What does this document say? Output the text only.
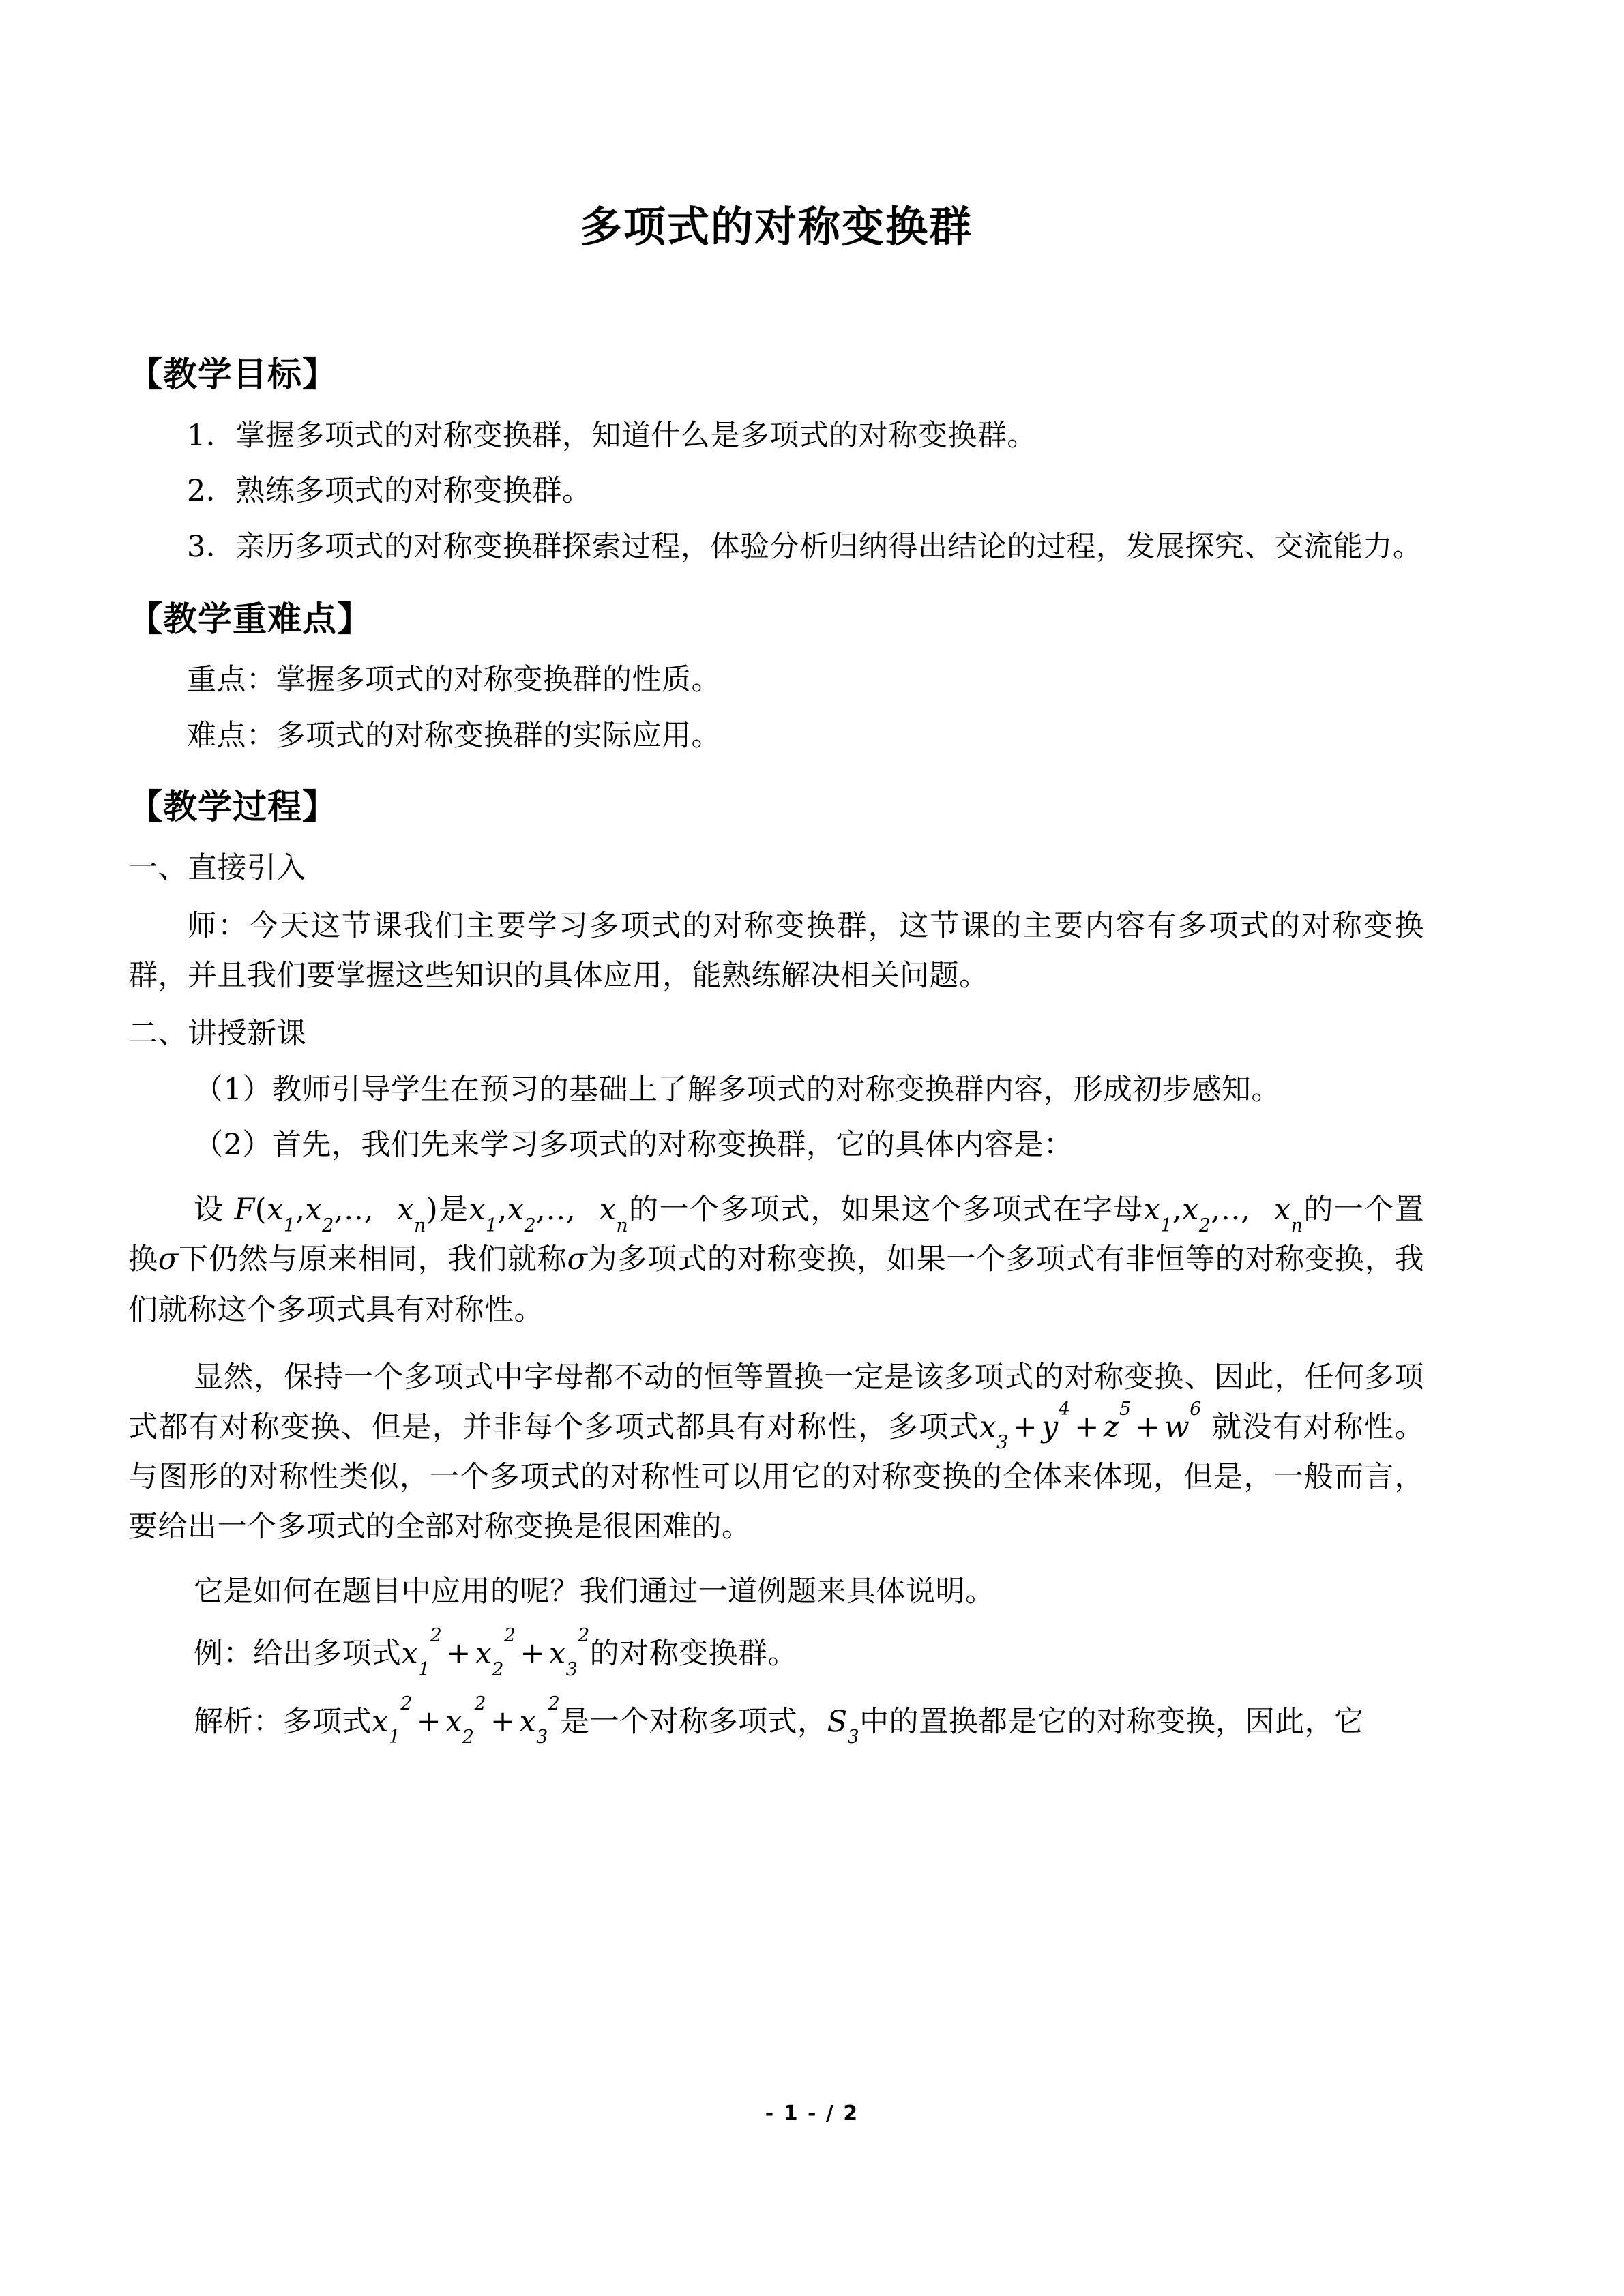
多项式的对称变换群
【教学目标】

1．掌握多项式的对称变换群，知道什么是多项式的对称变换群。

2．熟练多项式的对称变换群。

3．亲历多项式的对称变换群探索过程，体验分析归纳得出结论的过程，发展探究、交流能力。

【教学重难点】

重点：掌握多项式的对称变换群的性质。

难点：多项式的对称变换群的实际应用。

【教学过程】

一、直接引入

师：今天这节课我们主要学习多项式的对称变换群，这节课的主要内容有多项式的对称变换群，并且我们要掌握这些知识的具体应用，能熟练解决相关问题。

二、讲授新课

（1）教师引导学生在预习的基础上了解多项式的对称变换群内容，形成初步感知。

（2）首先，我们先来学习多项式的对称变换群，它的具体内容是：

设 $F(x_1,x_2$,.., $x_n$)是$x_1,x_2$,.., $x_n$的一个多项式，如果这个多项式在字母$x_1,x_2$,.., $x_n$的一个置换σ下仍然与原来相同，我们就称σ为多项式的对称变换，如果一个多项式有非恒等的对称变换，我们就称这个多项式具有对称性。

显然，保持一个多项式中字母都不动的恒等置换一定是该多项式的对称变换、因此，任何多项式都有对称变换、但是，并非每个多项式都具有对称性，多项式$x_3 + y^4+ z^5+ w^6$ 就没有对称性。与图形的对称性类似，一个多项式的对称性可以用它的对称变换的全体来体现，但是，一般而言，要给出一个多项式的全部对称变换是很困难的。

它是如何在题目中应用的呢？我们通过一道例题来具体说明。

例：给出多项式$x_1^2+ x_2^2+ x_3^2$的对称变换群。

解析：多项式$x_1^2+ x_2^2+ x_3^2$是一个对称多项式，$S_3$中的置换都是它的对称变换，因此，它

- 1 - / 2
